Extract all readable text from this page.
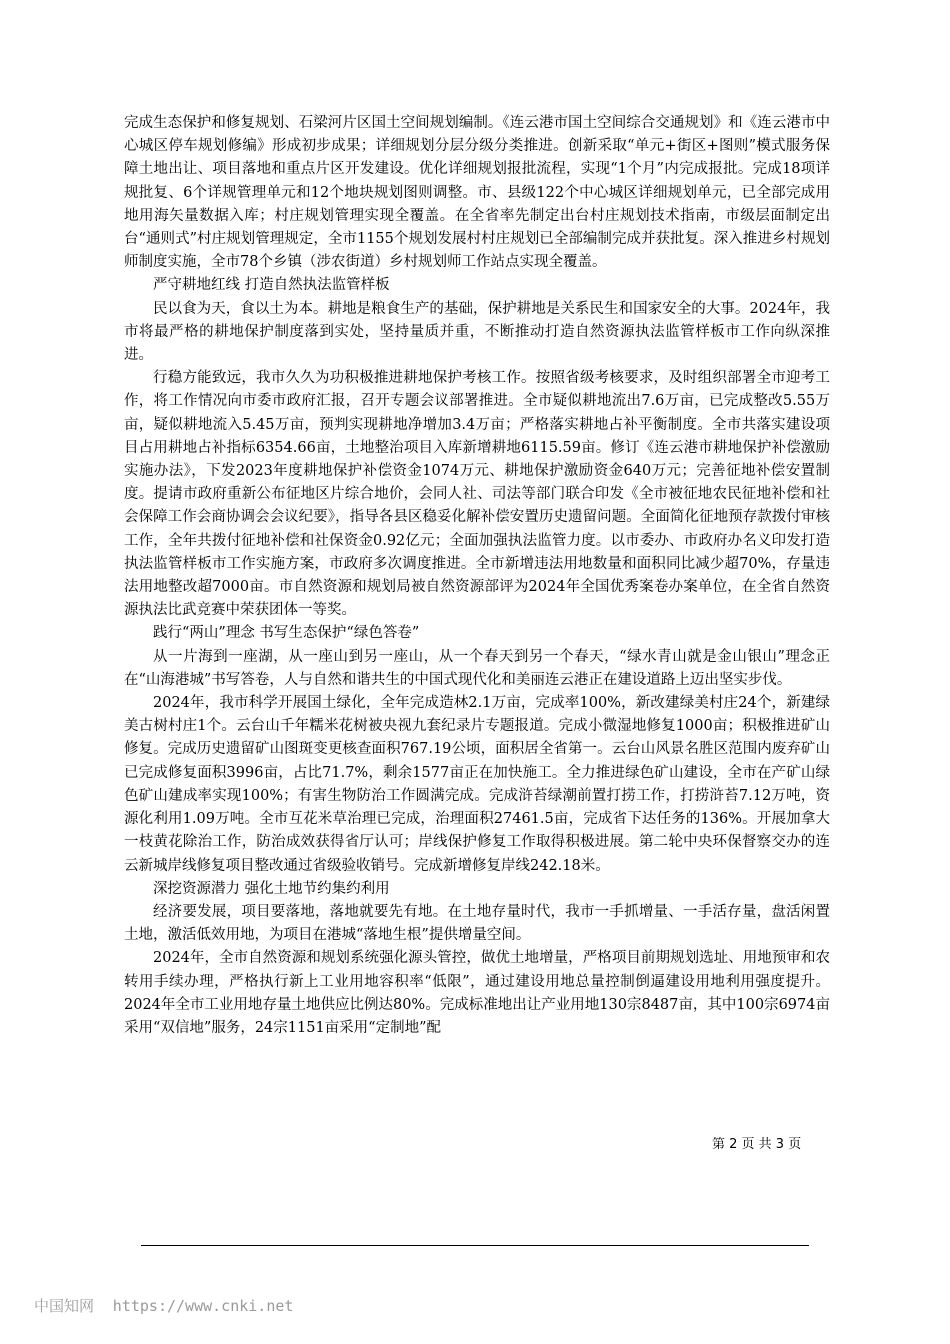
完成生态保护和修复规划、石梁河片区国土空间规划编制。《连云港市国土空间综合交通规划》和《连云港市中心城区停车规划修编》形成初步成果；详细规划分层分级分类推进。创新采取“单元+街区+图则”模式服务保障土地出让、项目落地和重点片区开发建设。优化详细规划报批流程，实现“1个月”内完成报批。完成18项详规批复、6个详规管理单元和12个地块规划图则调整。市、县级122个中心城区详细规划单元，已全部完成用地用海矢量数据入库；村庄规划管理实现全覆盖。在全省率先制定出台村庄规划技术指南，市级层面制定出台“通则式”村庄规划管理规定，全市1155个规划发展村村庄规划已全部编制完成并获批复。深入推进乡村规划师制度实施，全市78个乡镇（涉农街道）乡村规划师工作站点实现全覆盖。

严守耕地红线 打造自然执法监管样板

民以食为天，食以土为本。耕地是粮食生产的基础，保护耕地是关系民生和国家安全的大事。2024年，我市将最严格的耕地保护制度落到实处，坚持量质并重，不断推动打造自然资源执法监管样板市工作向纵深推进。

行稳方能致远，我市久久为功积极推进耕地保护考核工作。按照省级考核要求，及时组织部署全市迎考工作，将工作情况向市委市政府汇报，召开专题会议部署推进。全市疑似耕地流出7.6万亩，已完成整改5.55万亩，疑似耕地流入5.45万亩，预判实现耕地净增加3.4万亩；严格落实耕地占补平衡制度。全市共落实建设项目占用耕地占补指标6354.66亩，土地整治项目入库新增耕地6115.59亩。修订《连云港市耕地保护补偿激励实施办法》，下发2023年度耕地保护补偿资金1074万元、耕地保护激励资金640万元；完善征地补偿安置制度。提请市政府重新公布征地区片综合地价，会同人社、司法等部门联合印发《全市被征地农民征地补偿和社会保障工作会商协调会会议纪要》，指导各县区稳妥化解补偿安置历史遗留问题。全面简化征地预存款拨付审核工作，全年共拨付征地补偿和社保资金0.92亿元；全面加强执法监管力度。以市委办、市政府办名义印发打造执法监管样板市工作实施方案，市政府多次调度推进。全市新增违法用地数量和面积同比减少超70%，存量违法用地整改超7000亩。市自然资源和规划局被自然资源部评为2024年全国优秀案卷办案单位，在全省自然资源执法比武竞赛中荣获团体一等奖。

践行“两山”理念 书写生态保护“绿色答卷”

从一片海到一座湖，从一座山到另一座山，从一个春天到另一个春天，“绿水青山就是金山银山”理念正在“山海港城”书写答卷，人与自然和谐共生的中国式现代化和美丽连云港正在建设道路上迈出坚实步伐。

2024年，我市科学开展国土绿化，全年完成造林2.1万亩，完成率100%，新改建绿美村庄24个，新建绿美古树村庄1个。云台山千年糯米花树被央视九套纪录片专题报道。完成小微湿地修复1000亩；积极推进矿山修复。完成历史遗留矿山图斑变更核查面积767.19公顷，面积居全省第一。云台山风景名胜区范围内废弃矿山已完成修复面积3996亩，占比71.7%，剩余1577亩正在加快施工。全力推进绿色矿山建设，全市在产矿山绿色矿山建成率实现100%；有害生物防治工作圆满完成。完成浒苔绿潮前置打捞工作，打捞浒苔7.12万吨，资源化利用1.09万吨。全市互花米草治理已完成，治理面积27461.5亩，完成省下达任务的136%。开展加拿大一枝黄花除治工作，防治成效获得省厅认可；岸线保护修复工作取得积极进展。第二轮中央环保督察交办的连云新城岸线修复项目整改通过省级验收销号。完成新增修复岸线242.18米。

深挖资源潜力 强化土地节约集约利用

经济要发展，项目要落地，落地就要先有地。在土地存量时代，我市一手抓增量、一手活存量，盘活闲置土地，激活低效用地，为项目在港城“落地生根”提供增量空间。

2024年，全市自然资源和规划系统强化源头管控，做优土地增量，严格项目前期规划选址、用地预审和农转用手续办理，严格执行新上工业用地容积率“低限”，通过建设用地总量控制倒逼建设用地利用强度提升。2024年全市工业用地存量土地供应比例达80%。完成标准地出让产业用地130宗8487亩，其中100宗6974亩采用“双信地”服务，24宗1151亩采用“定制地”配

第 2 页 共 3 页
中国知网 https://www.cnki.net
